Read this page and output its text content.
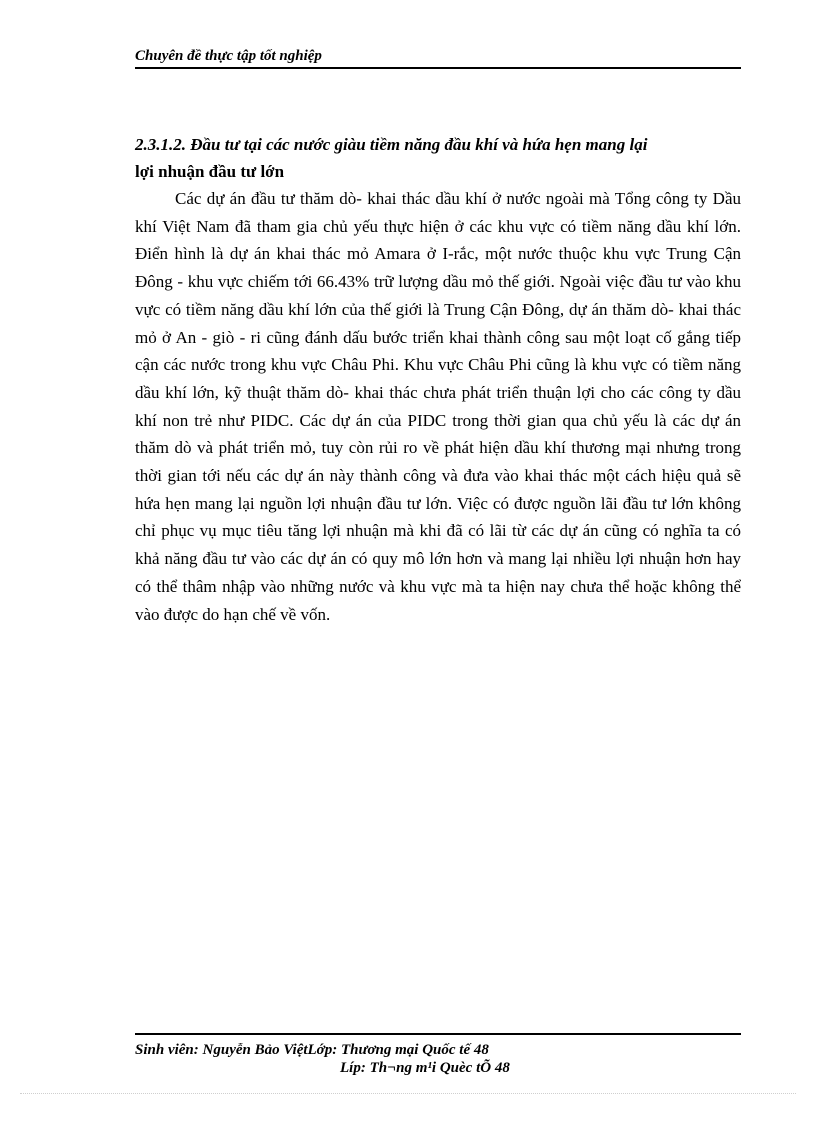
Chuyên đề thực tập tốt nghiệp
2.3.1.2. Đầu tư tại các nước giàu tiềm năng đầu khí và hứa hẹn mang lại
lợi nhuận đầu tư lớn

Các dự án đầu tư thăm dò- khai thác dầu khí ở nước ngoài mà Tổng công ty Dầu khí Việt Nam đã tham gia chủ yếu thực hiện ở các khu vực có tiềm năng dầu khí lớn. Điển hình là dự án khai thác mỏ Amara ở I-rắc, một nước thuộc khu vực Trung Cận Đông - khu vực chiếm tới 66.43% trữ lượng dầu mỏ thế giới. Ngoài việc đầu tư vào khu vực có tiềm năng dầu khí lớn của thế giới là Trung Cận Đông, dự án thăm dò- khai thác mỏ ở An - giò - ri cũng đánh dấu bước triển khai thành công sau một loạt cố gắng tiếp cận các nước trong khu vực Châu Phi. Khu vực Châu Phi cũng là khu vực có tiềm năng dầu khí lớn, kỹ thuật thăm dò- khai thác chưa phát triển thuận lợi cho các công ty dầu khí non trẻ như PIDC. Các dự án của PIDC trong thời gian qua chủ yếu là các dự án thăm dò và phát triển mỏ, tuy còn rủi ro về phát hiện dầu khí thương mại nhưng trong thời gian tới nếu các dự án này thành công và đưa vào khai thác một cách hiệu quả sẽ hứa hẹn mang lại nguồn lợi nhuận đầu tư lớn. Việc có được nguồn lãi đầu tư lớn không chỉ phục vụ mục tiêu tăng lợi nhuận mà khi đã có lãi từ các dự án cũng có nghĩa ta có khả năng đầu tư vào các dự án có quy mô lớn hơn và mang lại nhiều lợi nhuận hơn hay có thể thâm nhập vào những nước và khu vực mà ta hiện nay chưa thể hoặc không thể vào được do hạn chế về vốn.

Sinh viên: Nguyễn Bảo ViệtLớp: Thương mại Quốc tế 48
Líp: Th¬ng m¹i Quèc tÕ 48
